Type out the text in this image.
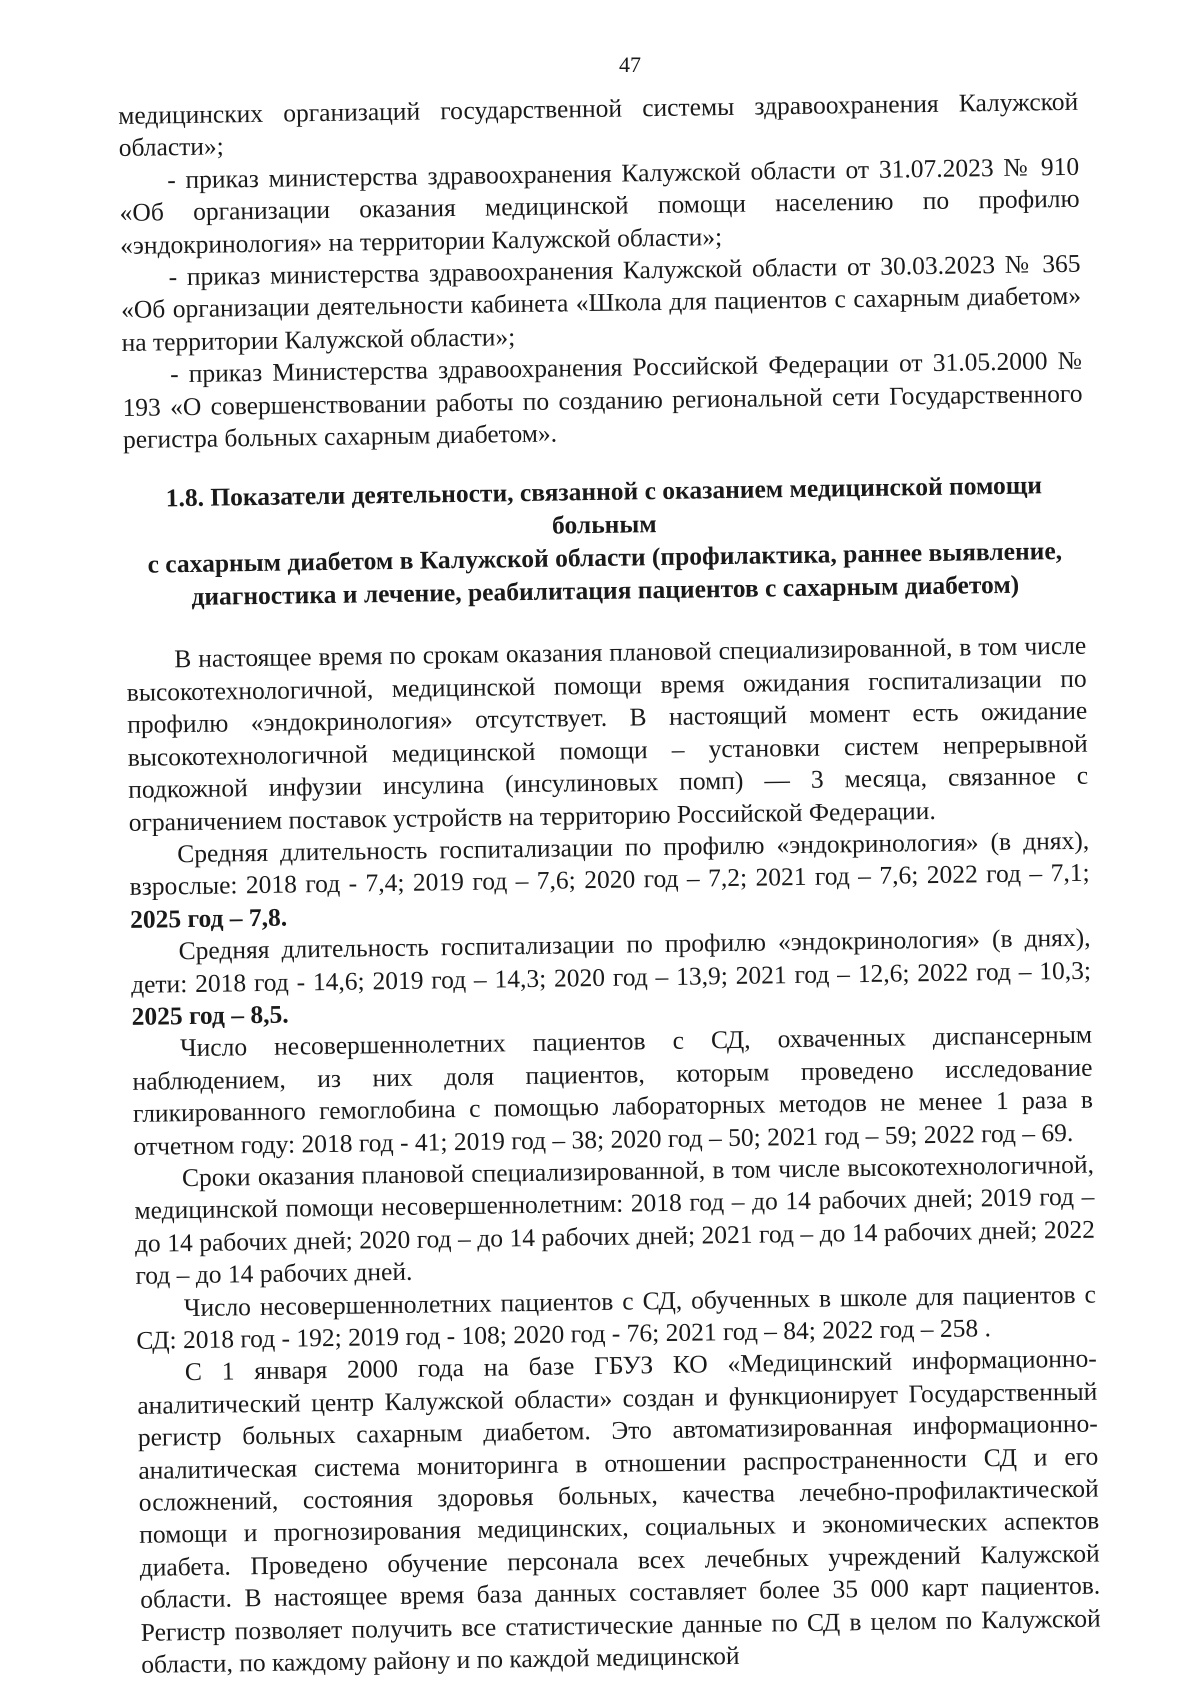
47

медицинских организаций государственной системы здравоохранения Калужской области»;

- приказ министерства здравоохранения Калужской области от 31.07.2023 № 910 «Об организации оказания медицинской помощи населению по профилю «эндокринология» на территории Калужской области»;

- приказ министерства здравоохранения Калужской области от 30.03.2023 № 365 «Об организации деятельности кабинета «Школа для пациентов с сахарным диабетом» на территории Калужской области»;

- приказ Министерства здравоохранения Российской Федерации от 31.05.2000 № 193 «О совершенствовании работы по созданию региональной сети Государственного регистра больных сахарным диабетом».

1.8. Показатели деятельности, связанной с оказанием медицинской помощи больным
с сахарным диабетом в Калужской области (профилактика, раннее выявление,
диагностика и лечение, реабилитация пациентов с сахарным диабетом)

В настоящее время по срокам оказания плановой специализированной, в том числе высокотехнологичной, медицинской помощи время ожидания госпитализации по профилю «эндокринология» отсутствует. В настоящий момент есть ожидание высокотехнологичной медицинской помощи – установки систем непрерывной подкожной инфузии инсулина (инсулиновых помп) — 3 месяца, связанное с ограничением поставок устройств на территорию Российской Федерации.

Средняя длительность госпитализации по профилю «эндокринология» (в днях), взрослые: 2018 год - 7,4; 2019 год – 7,6; 2020 год – 7,2; 2021 год – 7,6; 2022 год – 7,1; 2025 год – 7,8.

Средняя длительность госпитализации по профилю «эндокринология» (в днях), дети: 2018 год - 14,6; 2019 год – 14,3; 2020 год – 13,9; 2021 год – 12,6; 2022 год – 10,3; 2025 год – 8,5.

Число несовершеннолетних пациентов с СД, охваченных диспансерным наблюдением, из них доля пациентов, которым проведено исследование гликированного гемоглобина с помощью лабораторных методов не менее 1 раза в отчетном году: 2018 год - 41; 2019 год – 38; 2020 год – 50; 2021 год – 59; 2022 год – 69.

Сроки оказания плановой специализированной, в том числе высокотехнологичной, медицинской помощи несовершеннолетним: 2018 год – до 14 рабочих дней; 2019 год – до 14 рабочих дней; 2020 год – до 14 рабочих дней; 2021 год – до 14 рабочих дней; 2022 год – до 14 рабочих дней.

Число несовершеннолетних пациентов с СД, обученных в школе для пациентов с СД: 2018 год - 192; 2019 год - 108; 2020 год - 76; 2021 год – 84; 2022 год – 258 .

С 1 января 2000 года на базе ГБУЗ КО «Медицинский информационно-аналитический центр Калужской области» создан и функционирует Государственный регистр больных сахарным диабетом. Это автоматизированная информационно-аналитическая система мониторинга в отношении распространенности СД и его осложнений, состояния здоровья больных, качества лечебно-профилактической помощи и прогнозирования медицинских, социальных и экономических аспектов диабета. Проведено обучение персонала всех лечебных учреждений Калужской области. В настоящее время база данных составляет более 35 000 карт пациентов. Регистр позволяет получить все статистические данные по СД в целом по Калужской области, по каждому району и по каждой медицинской
